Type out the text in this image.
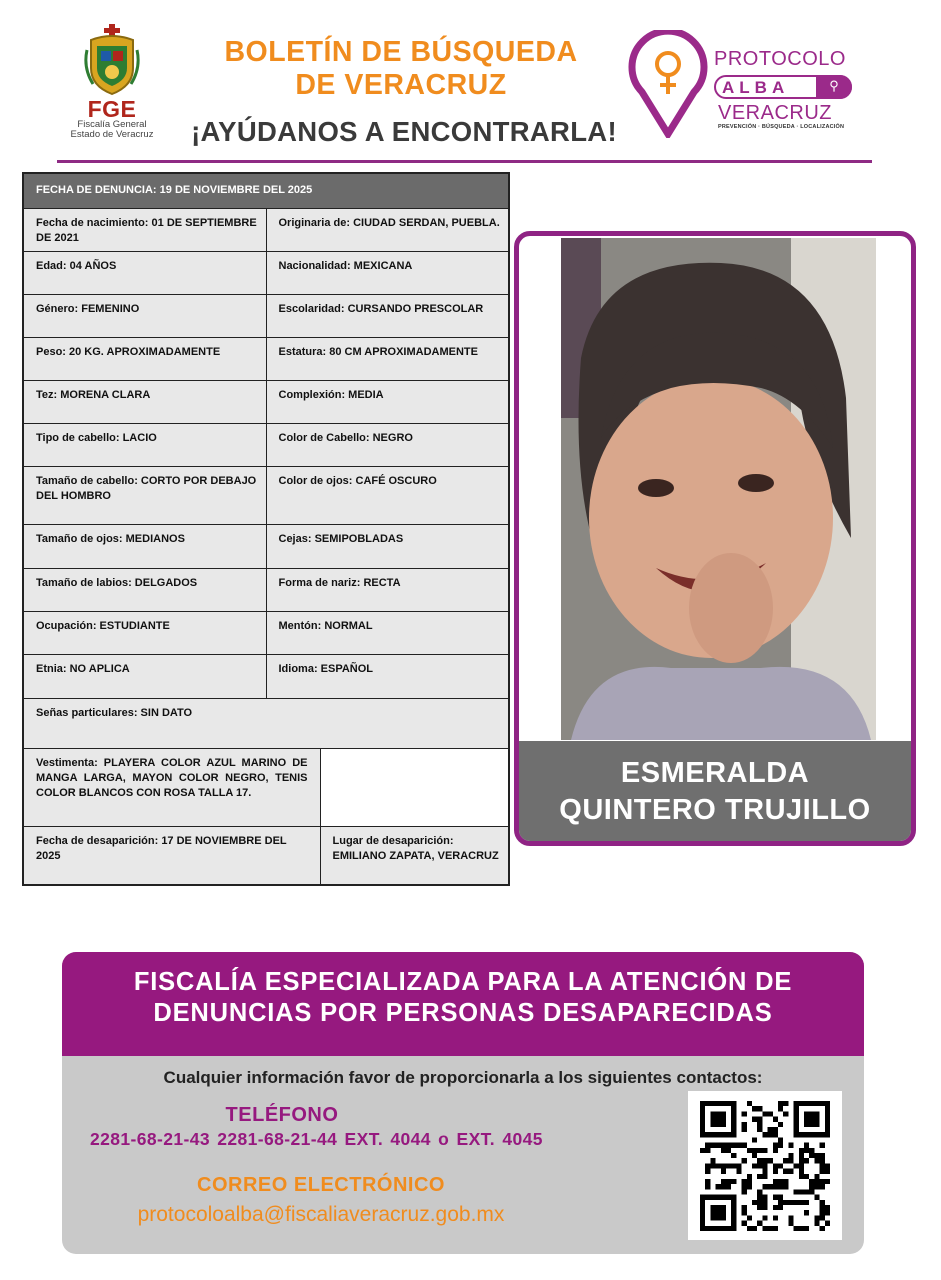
FGE
Fiscalía General
Estado de Veracruz
BOLETÍN DE BÚSQUEDA
DE VERACRUZ
¡AYÚDANOS A ENCONTRARLA!
PROTOCOLO
ALBA	⚲
VERACRUZ
PREVENCIÓN · BÚSQUEDA · LOCALIZACIÓN
FECHA DE DENUNCIA: 19 DE NOVIEMBRE DEL 2025		
Fecha de nacimiento: 01 DE SEPTIEMBRE DE 2021	Originaria de: CIUDAD SERDAN, PUEBLA.	
Edad: 04 AÑOS	Nacionalidad: MEXICANA	
Género: FEMENINO	Escolaridad: CURSANDO PRESCOLAR	
Peso: 20 KG. APROXIMADAMENTE	Estatura: 80 CM APROXIMADAMENTE	
Tez: MORENA CLARA	Complexión: MEDIA	
Tipo de cabello: LACIO	Color de Cabello: NEGRO	
Tamaño de cabello: CORTO POR DEBAJO DEL HOMBRO	Color de ojos: CAFÉ OSCURO	
Tamaño de ojos: MEDIANOS	Cejas: SEMIPOBLADAS	
Tamaño de labios: DELGADOS	Forma de nariz: RECTA	
Ocupación: ESTUDIANTE	Mentón: NORMAL	
Etnia: NO APLICA	Idioma: ESPAÑOL	
Señas particulares: SIN DATO		
Vestimenta: PLAYERA COLOR AZUL MARINO DE MANGA LARGA, MAYON COLOR NEGRO, TENIS COLOR BLANCOS CON ROSA TALLA 17.		
Fecha de desaparición: 17 DE NOVIEMBRE DEL 2025		Lugar de desaparición:
EMILIANO ZAPATA, VERACRUZ
ESMERALDA
QUINTERO TRUJILLO
FISCALÍA ESPECIALIZADA PARA LA ATENCIÓN DE
DENUNCIAS POR PERSONAS DESAPARECIDAS
Cualquier información favor de proporcionarla a los siguientes contactos:
TELÉFONO
2281-68-21-43 2281-68-21-44 EXT. 4044 o EXT. 4045
CORREO ELECTRÓNICO
protocoloalba@fiscaliaveracruz.gob.mx
